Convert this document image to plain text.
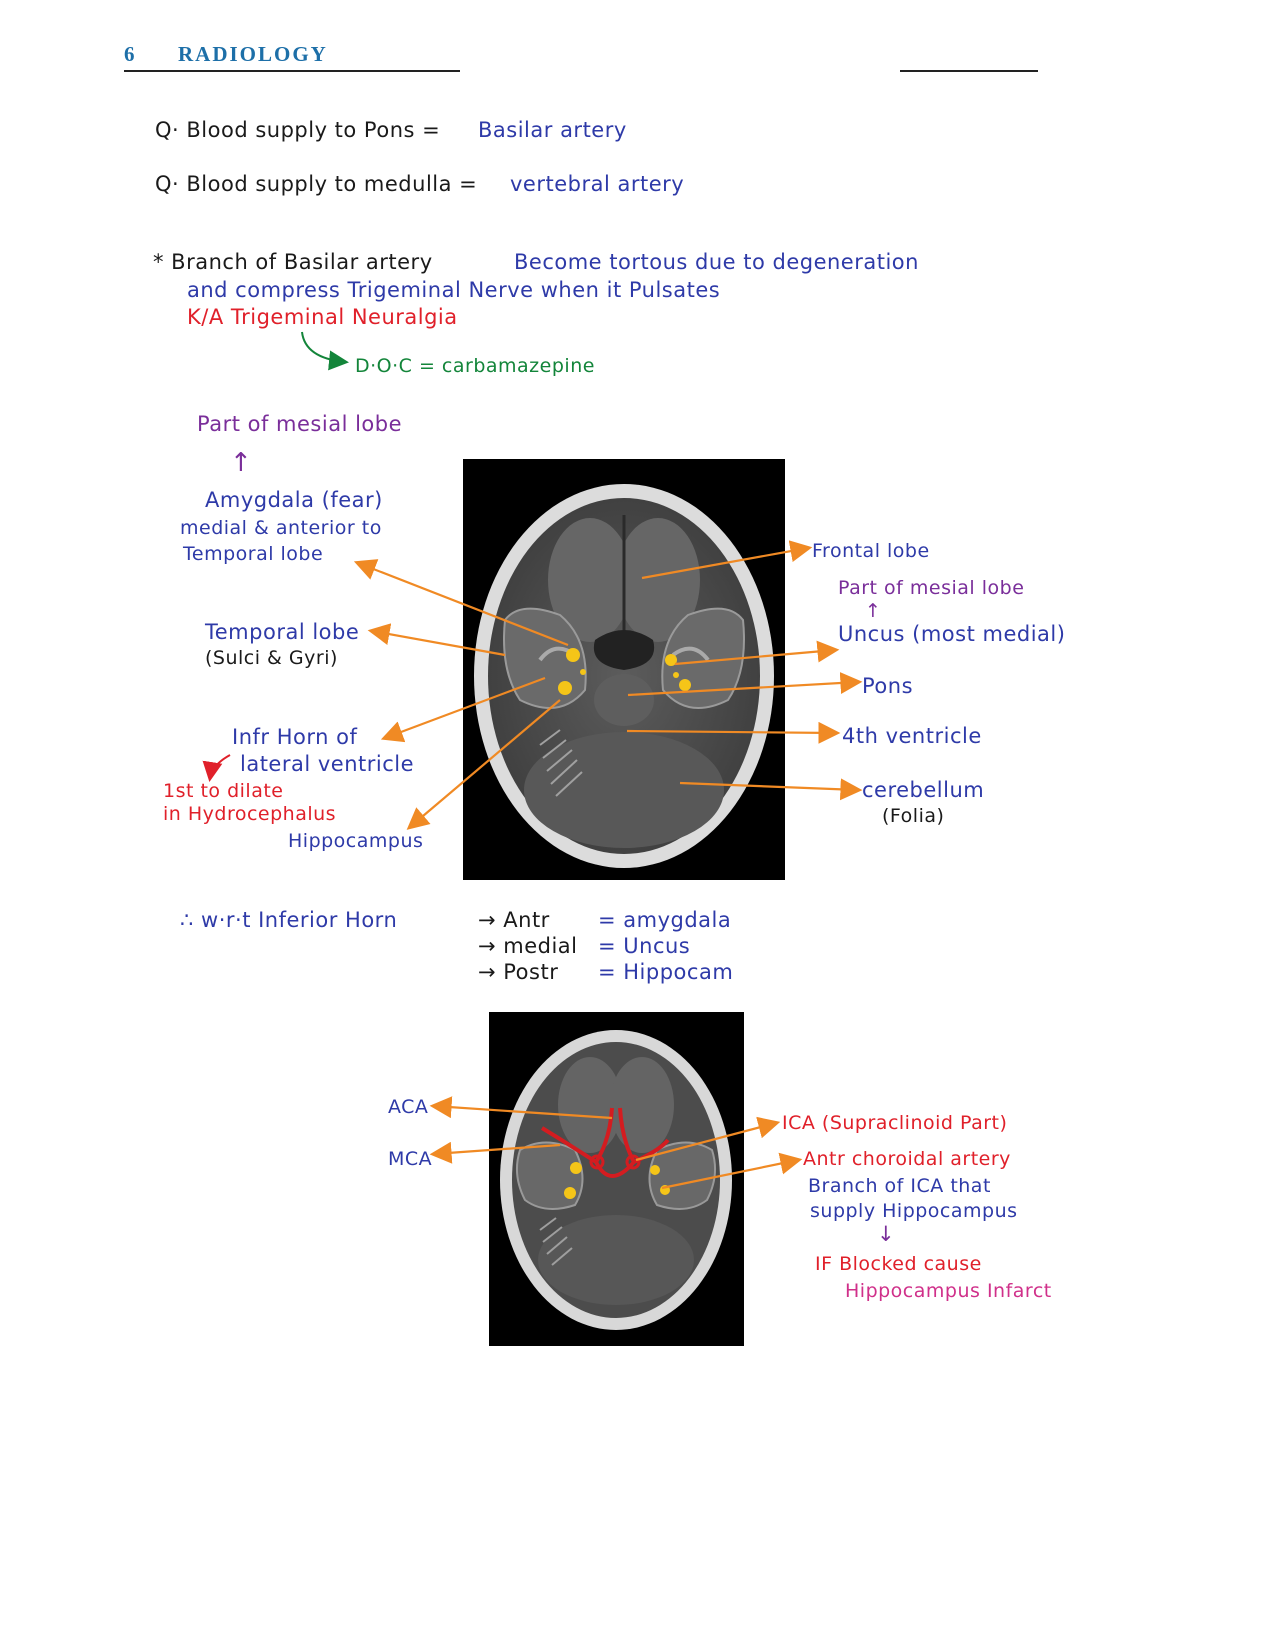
6 RADIOLOGY
Q· Blood supply to Pons = Basilar artery
Q· Blood supply to medulla = vertebral artery
* Branch of Basilar artery	Become tortous due to degeneration
and compress Trigeminal Nerve when it Pulsates
K/A Trigeminal Neuralgia
D·O·C = carbamazepine
Part of mesial lobe
↑
Amygdala (fear)
medial & anterior to
Temporal lobe
Temporal lobe
(Sulci & Gyri)
Infr Horn of
lateral ventricle
1st to dilate
in Hydrocephalus
Hippocampus
Frontal lobe
Part of mesial lobe
↑
Uncus (most medial)
Pons
4th ventricle
cerebellum
(Folia)
∴ w·r·t Inferior Horn	→ Antr = amygdala
→ medial = Uncus
→ Postr = Hippocam
ACA
MCA
ICA (Supraclinoid Part)
Antr choroidal artery
Branch of ICA that
supply Hippocampus
↓
IF Blocked cause
Hippocampus Infarct
